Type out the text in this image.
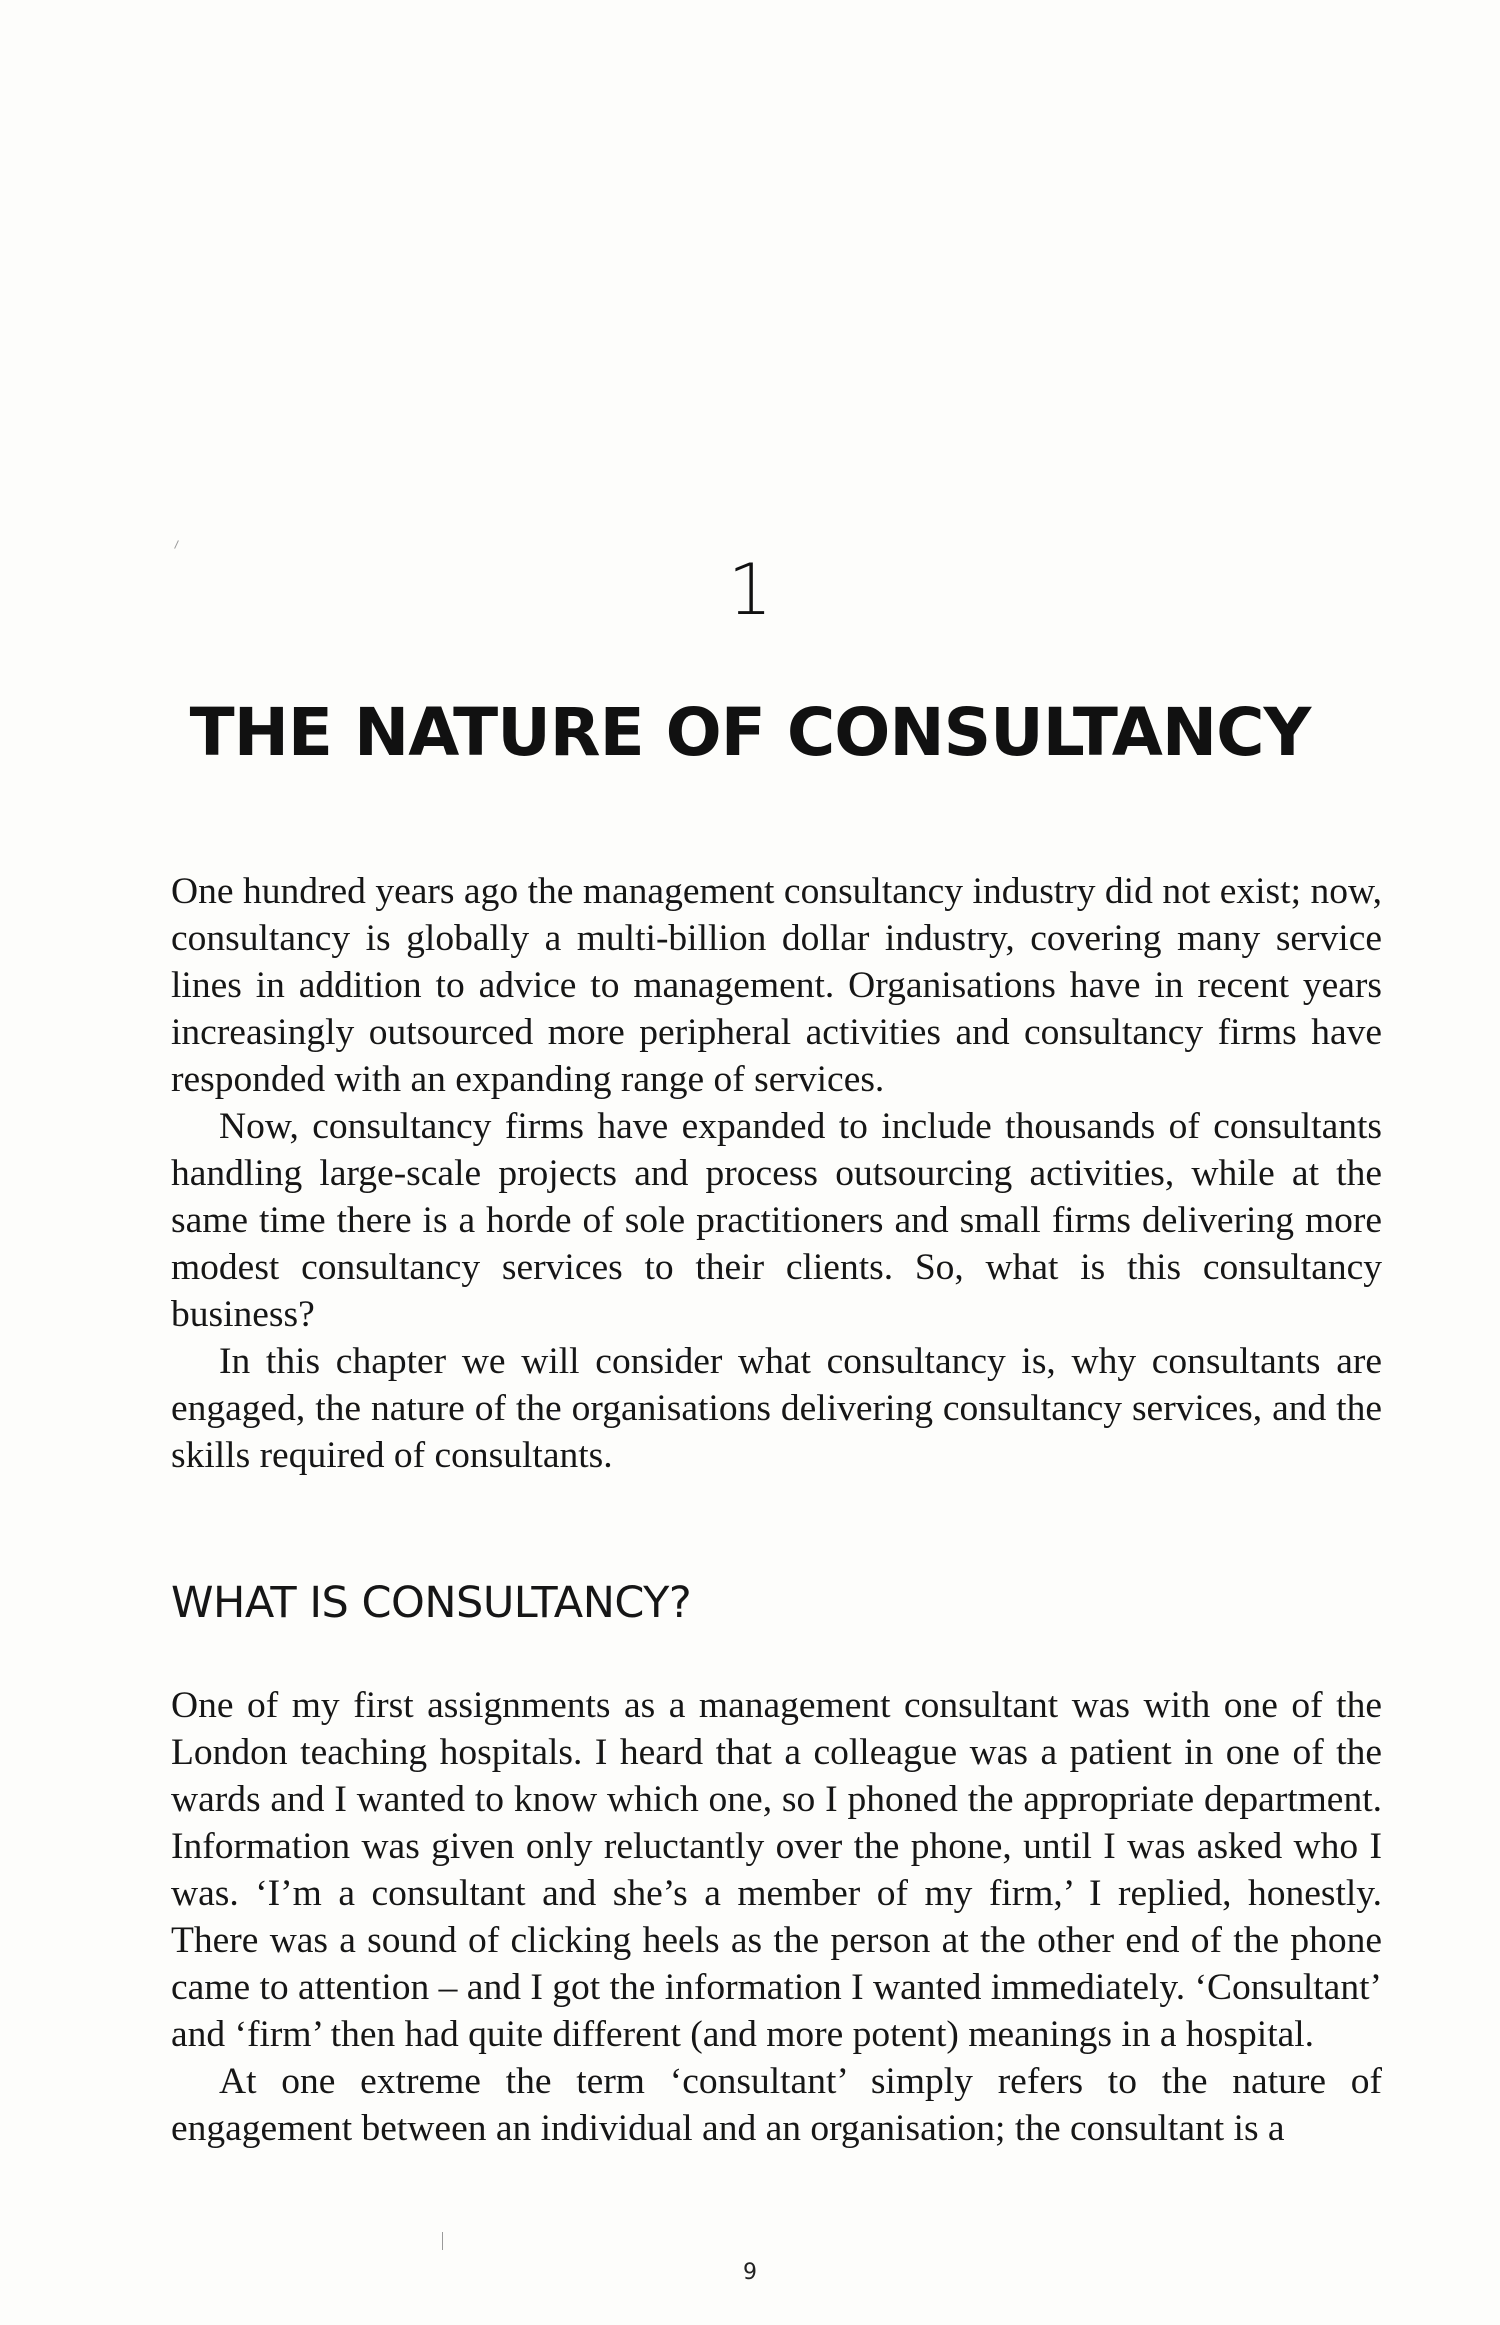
1
THE NATURE OF CONSULTANCY

One hundred years ago the management consultancy industry did not exist; now, consultancy is globally a multi-billion dollar industry, covering many service lines in addition to advice to management. Organisations have in recent years increasingly outsourced more peripheral activities and consultancy firms have responded with an expanding range of services.

Now, consultancy firms have expanded to include thousands of consultants handling large-scale projects and process outsourcing activities, while at the same time there is a horde of sole practitioners and small firms delivering more modest consultancy services to their clients. So, what is this consultancy business?

In this chapter we will consider what consultancy is, why consultants are engaged, the nature of the organisations delivering consultancy services, and the skills required of consultants.

WHAT IS CONSULTANCY?

One of my first assignments as a management consultant was with one of the London teaching hospitals. I heard that a colleague was a patient in one of the wards and I wanted to know which one, so I phoned the appropriate department. Information was given only reluctantly over the phone, until I was asked who I was. ‘I’m a consultant and she’s a member of my firm,’ I replied, honestly. There was a sound of clicking heels as the person at the other end of the phone came to attention – and I got the information I wanted immediately. ‘Consultant’ and ‘firm’ then had quite different (and more potent) meanings in a hospital.

At one extreme the term ‘consultant’ simply refers to the nature of engagement between an individual and an organisation; the consultant is a

9
